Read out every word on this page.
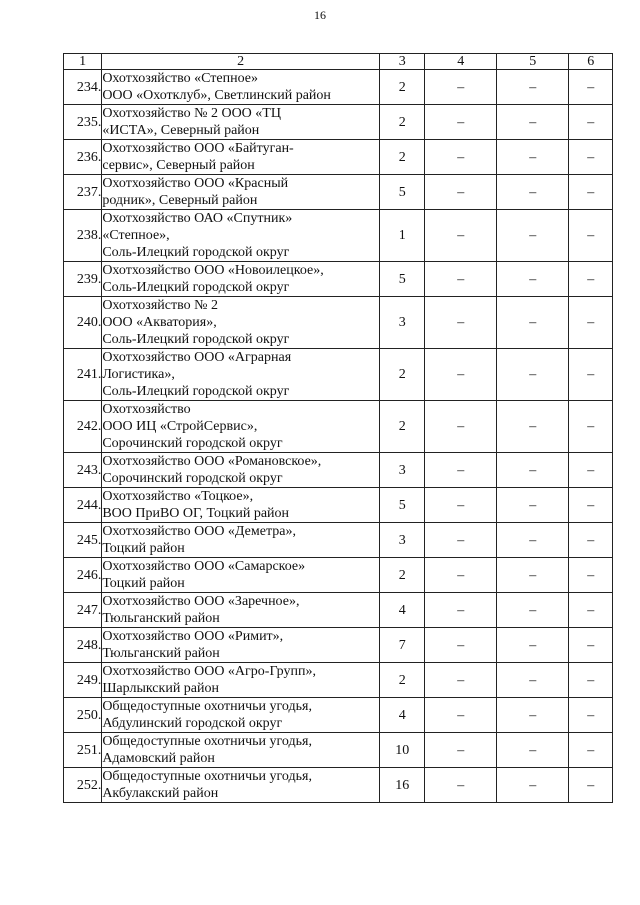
16
1	2	3	4	5	6
234.	Охотхозяйство «Степное»
ООО «Охотклуб», Светлинский район	2	–	–	–
235.	Охотхозяйство № 2 ООО «ТЦ
«ИСТА», Северный район	2	–	–	–
236.	Охотхозяйство ООО «Байтуган-
сервис», Северный район	2	–	–	–
237.	Охотхозяйство ООО «Красный
родник», Северный район	5	–	–	–
238.	Охотхозяйство ОАО «Спутник»
«Степное»,
Соль-Илецкий городской округ	1	–	–	–
239.	Охотхозяйство ООО «Новоилецкое»,
Соль-Илецкий городской округ	5	–	–	–
240.	Охотхозяйство № 2
ООО «Акватория»,
Соль-Илецкий городской округ	3	–	–	–
241.	Охотхозяйство ООО «Аграрная
Логистика»,
Соль-Илецкий городской округ	2	–	–	–
242.	Охотхозяйство
ООО ИЦ «СтройСервис»,
Сорочинский городской округ	2	–	–	–
243.	Охотхозяйство ООО «Романовское»,
Сорочинский городской округ	3	–	–	–
244.	Охотхозяйство «Тоцкое»,
ВОО ПриВО ОГ, Тоцкий район	5	–	–	–
245.	Охотхозяйство ООО «Деметра»,
Тоцкий район	3	–	–	–
246.	Охотхозяйство ООО «Самарское»
Тоцкий район	2	–	–	–
247.	Охотхозяйство ООО «Заречное»,
Тюльганский район	4	–	–	–
248.	Охотхозяйство ООО «Римит»,
Тюльганский район	7	–	–	–
249.	Охотхозяйство ООО «Агро-Групп»,
Шарлыкский район	2	–	–	–
250.	Общедоступные охотничьи угодья,
Абдулинский городской округ	4	–	–	–
251.	Общедоступные охотничьи угодья,
Адамовский район	10	–	–	–
252.	Общедоступные охотничьи угодья,
Акбулакский район	16	–	–	–
